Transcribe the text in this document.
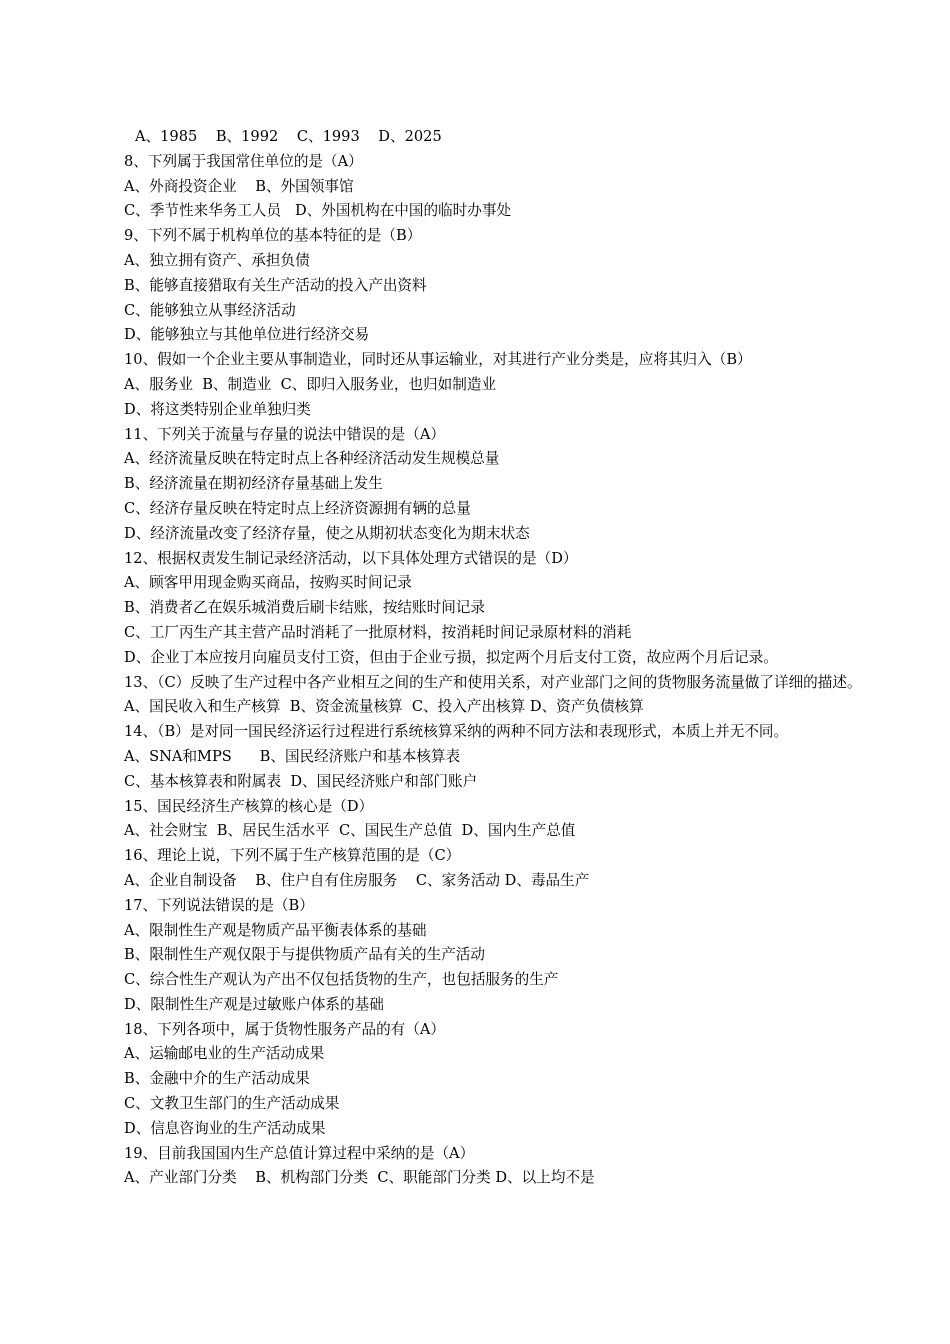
A、1985    B、1992    C、1993    D、2025
8、下列属于我国常住单位的是（A）
A、外商投资企业    B、外国领事馆
C、季节性来华务工人员   D、外国机构在中国的临时办事处
9、下列不属于机构单位的基本特征的是（B）
A、独立拥有资产、承担负债
B、能够直接猎取有关生产活动的投入产出资料
C、能够独立从事经济活动
D、能够独立与其他单位进行经济交易
10、假如一个企业主要从事制造业，同时还从事运输业，对其进行产业分类是，应将其归入（B）
A、服务业  B、制造业  C、即归入服务业，也归如制造业
D、将这类特别企业单独归类
11、下列关于流量与存量的说法中错误的是（A）
A、经济流量反映在特定时点上各种经济活动发生规模总量
B、经济流量在期初经济存量基础上发生
C、经济存量反映在特定时点上经济资源拥有辆的总量
D、经济流量改变了经济存量，使之从期初状态变化为期末状态
12、根据权责发生制记录经济活动，以下具体处理方式错误的是（D）
A、顾客甲用现金购买商品，按购买时间记录
B、消费者乙在娱乐城消费后刷卡结账，按结账时间记录
C、工厂丙生产其主营产品时消耗了一批原材料，按消耗时间记录原材料的消耗
D、企业丁本应按月向雇员支付工资，但由于企业亏损，拟定两个月后支付工资，故应两个月后记录。
13、（C）反映了生产过程中各产业相互之间的生产和使用关系，对产业部门之间的货物服务流量做了详细的描述。
A、国民收入和生产核算  B、资金流量核算  C、投入产出核算 D、资产负债核算
14、（B）是对同一国民经济运行过程进行系统核算采纳的两种不同方法和表现形式，本质上并无不同。
A、SNA和MPS      B、国民经济账户和基本核算表
C、基本核算表和附属表  D、国民经济账户和部门账户
15、国民经济生产核算的核心是（D）
A、社会财宝  B、居民生活水平  C、国民生产总值  D、国内生产总值
16、理论上说，下列不属于生产核算范围的是（C）
A、企业自制设备    B、住户自有住房服务    C、家务活动 D、毒品生产
17、下列说法错误的是（B）
A、限制性生产观是物质产品平衡表体系的基础
B、限制性生产观仅限于与提供物质产品有关的生产活动
C、综合性生产观认为产出不仅包括货物的生产，也包括服务的生产
D、限制性生产观是过敏账户体系的基础
18、下列各项中，属于货物性服务产品的有（A）
A、运输邮电业的生产活动成果
B、金融中介的生产活动成果
C、文教卫生部门的生产活动成果
D、信息咨询业的生产活动成果
19、目前我国国内生产总值计算过程中采纳的是（A）
A、产业部门分类    B、机构部门分类  C、职能部门分类 D、以上均不是
